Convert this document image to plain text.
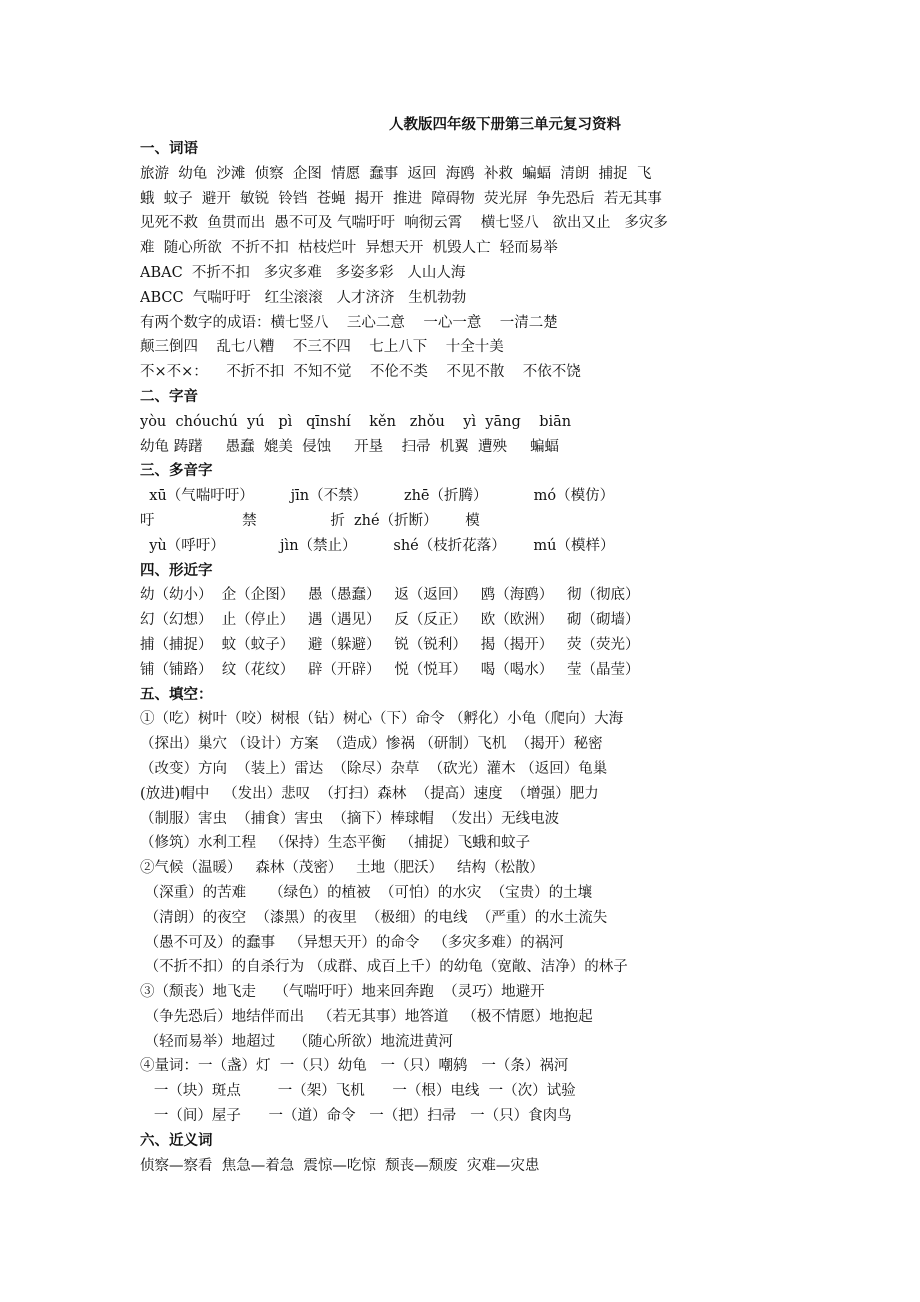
人教版四年级下册第三单元复习资料
一、词语
旅游  幼龟  沙滩  侦察  企图  情愿  蠢事  返回  海鸥  补救  蝙蝠  清朗  捕捉  飞
蛾  蚊子  避开  敏锐  铃铛  苍蝇  揭开  推进  障碍物  荧光屏  争先恐后  若无其事
见死不救  鱼贯而出  愚不可及 气喘吁吁  响彻云霄    横七竖八   欲出又止   多灾多
难  随心所欲  不折不扣  枯枝烂叶  异想天开  机毁人亡  轻而易举
ABAC  不折不扣   多灾多难   多姿多彩   人山人海
ABCC  气喘吁吁   红尘滚滚   人才济济   生机勃勃
有两个数字的成语：横七竖八    三心二意    一心一意    一清二楚
颠三倒四    乱七八糟    不三不四    七上八下    十全十美
不×不×：    不折不扣  不知不觉    不伦不类    不见不散    不依不饶
二、字音
yòu  chóuchú  yú   pì   qīnshí    kěn   zhǒu    yì  yāng    biān
幼龟 踌躇     愚蠢  媲美  侵蚀     开垦    扫帚  机翼  遭殃     蝙蝠
三、多音字
xū（气喘吁吁）        jīn（不禁）        zhē（折腾）          mó（模仿）
吁                   禁                折  zhé（折断）      模
yù（呼吁）            jìn（禁止）        shé（枝折花落）      mú（模样）
四、形近字
幼（幼小）  企（企图）   愚（愚蠢）   返（返回）   鸥（海鸥）   彻（彻底）
幻（幻想）  止（停止）   遇（遇见）   反（反正）   欧（欧洲）   砌（砌墙）
捕（捕捉）  蚊（蚊子）   避（躲避）   锐（锐利）   揭（揭开）   荧（荧光）
铺（铺路）  纹（花纹）   辟（开辟）   悦（悦耳）   喝（喝水）   莹（晶莹）
五、填空：
①（吃）树叶（咬）树根（钻）树心（下）命令 （孵化）小龟（爬向）大海
（探出）巢穴 （设计）方案  （造成）惨祸 （研制）飞机  （揭开）秘密
（改变）方向  （装上）雷达  （除尽）杂草  （砍光）灌木 （返回）龟巢
(放进)帽中   （发出）悲叹  （打扫）森林  （提高）速度  （增强）肥力
（制服）害虫  （捕食）害虫  （摘下）棒球帽  （发出）无线电波
（修筑）水利工程   （保持）生态平衡   （捕捉）飞蛾和蚊子
②气候（温暖）   森林（茂密）   土地（肥沃）   结构（松散）
（深重）的苦难     （绿色）的植被  （可怕）的水灾  （宝贵）的土壤
（清朗）的夜空  （漆黑）的夜里  （极细）的电线  （严重）的水土流失
（愚不可及）的蠢事   （异想天开）的命令   （多灾多难）的祸河
（不折不扣）的自杀行为 （成群、成百上千）的幼龟（宽敞、洁净）的林子
③（颓丧）地飞走    （气喘吁吁）地来回奔跑  （灵巧）地避开
（争先恐后）地结伴而出   （若无其事）地答道   （极不情愿）地抱起
（轻而易举）地超过    （随心所欲）地流进黄河
④量词：一（盏）灯  一（只）幼龟   一（只）嘲鸫   一（条）祸河
一（块）斑点        一（架）飞机      一（根）电线  一（次）试验
一（间）屋子      一（道）命令   一（把）扫帚   一（只）食肉鸟
六、近义词
侦察—察看  焦急—着急  震惊—吃惊  颓丧—颓废  灾难—灾患
